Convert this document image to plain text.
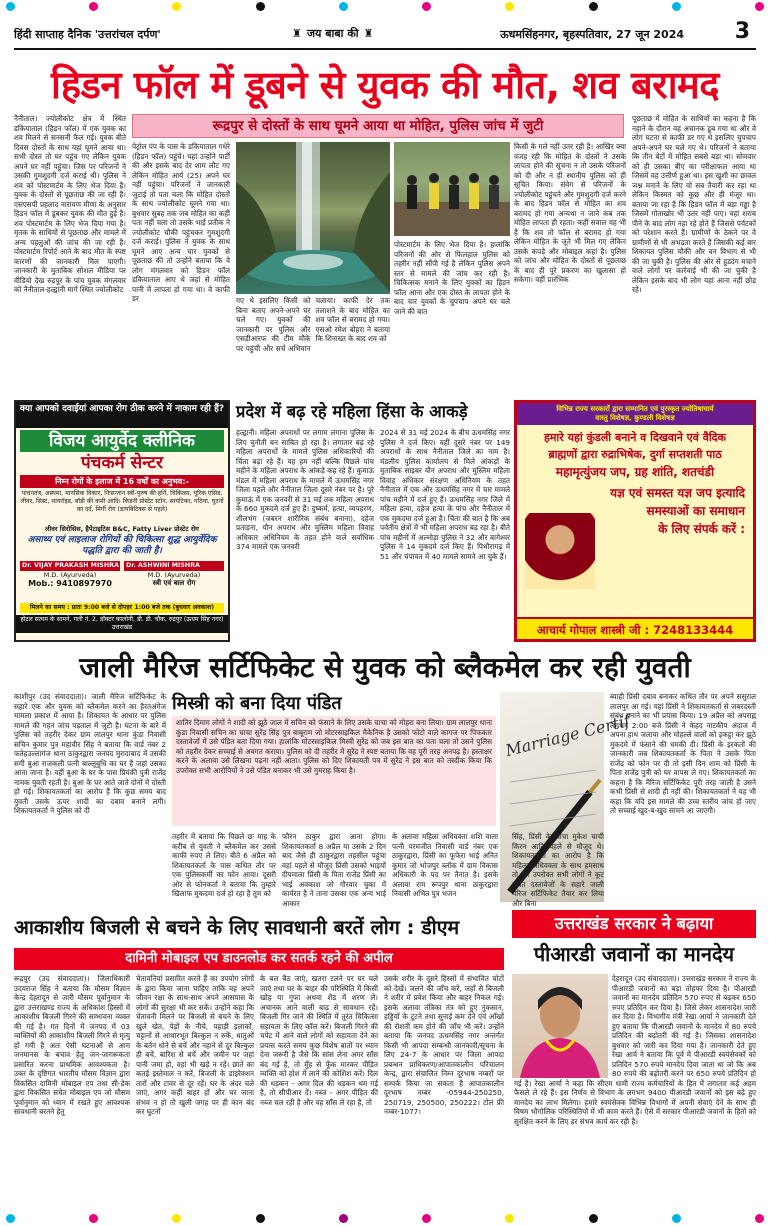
हिंदी साप्ताह दैनिक 'उत्तरांचल दर्पण'	♜ जय बाबा की ♜	ऊधमसिंहनगर, बृहस्पतिवार, 27 जून 2024 3
हिडन फॉल में डूबने से युवक की मौत, शव बरामद
नैनीताल। ज्योलीकोट क्षेत्र में स्थित डकियाताल (हिडन फॉल) में एक युवक का शव मिलने से सनसनी फैल गई। युवक बीते दिवस दोस्तों के साथ यहां घूमने आया था। सभी दोस्त तो घर पहुंच गए लेकिन युवक अपने घर नहीं पहुंचा। जिस पर परिजनों ने उसकी गुमशुदगी दर्ज कराई थी। पुलिस ने शव को पोस्टमार्टम के लिए भेज दिया है। युवक के दोस्तों से पूछताछ की जा रही है। एसएसपी प्रहलाद नारायण मीणा के अनुसार हिडन फॉल में डूबकर युवक की मौत हुई है। शव पोस्टमार्टम के लिए भेज दिया गया है। मृतक के साथियों से पूछताछ और मामले में अन्य पहलुओं की जांच की जा रही है। पोस्टमार्टम रिपोर्ट आने के बाद मौत के स्पष्ट कारणों की जानकारी मिल पाएगी। जानकारी के मुताबिक सोशल मीडिया पर वीडियो देख रुद्रपुर के पांच युवक मंगलवार को नैनीताल-हल्द्वानी मार्ग स्थित ज्योलीकोट
रूद्रपुर से दोस्तों के साथ घूमने आया था मोहित, पुलिस जांच में जुटी
पेट्रोल पंप के पास के डकियाताल गधेरे (हिडन फॉल) पहुंचे। यहां उन्होंने पार्टी की और इसके बाद देर शाम लौट गए लेकिन मोहित आर्य (25) अपने घर नहीं पहुंचा। परिजनों ने जानकारी जुटाई तो पता चला कि मोहित दोस्तों के साथ ज्योलीकोट घूमने गया था। बुधवार सुबह तक जब मोहित का कहीं पता नहीं चला तो उसके भाई प्रतीक ने ज्योलीकोट चौकी पहुंचकर गुमशुदगी दर्ज कराई। पुलिस ने युवक के साथ घूमने आए अन्य चार युवकों से पूछताछ की तो उन्होंने बताया कि वे लोग मंगलवार को हिडन फॉल डकियाताल आए थे जहां से मोहित पानी में लापता हो गया था। वे काफी डर	गए थे इसलिए किसी को बिना बताए अपने-अपने घर चले गए। युवकों की जानकारी पर पुलिस और एसडीआरफ की टीम मौके पर पहुंची और सर्च अभियान चलाया। काफी देर तक तलाशने के बाद मोहित का शव फॉल से बरामद हो गया। एसओ रमेश बोहरा ने बताया कि शिनाख्त के बाद शव को
पोस्टमार्टम के लिए भेज दिया है। हालांकि परिजनों की ओर से फिलहाल पुलिस को तहरीर नहीं सौंपी गई है लेकिन पुलिस अपने स्तर से मामले की जांच कर रही है। चिकित्सक मनाने के लिए युवकों का हिडन फॉल आना और एक दोस्त के लापता होने के बाद चार युवकों के चुपचाप अपने घर चले जाने की बात
किसी के गले नहीं उतर रही है। आखिर क्या वजह रही कि मोहित के दोस्तों ने उसके लापता होने की सूचना न तो उसके परिजनों को दी और न ही स्थानीय पुलिस को ही सूचित किया। संवेग से परिजनों के ज्योलीकोट पहुंचने और गुमशुदगी दर्ज करने के बाद हिडन फॉल से मोहित का शव बरामद हो गया अन्यथा न जाने कब तक मोहित लापता ही रहता। कहीं सवाल यह भी है कि शव तो फॉल से बरामद हो गया लेकिन मोहित के जूते भी मिल गए लेकिन उसके कपड़े और मोबाइल कहां है। पुलिस को जांच और मोहित के दोस्तों से पूछताछ के बाद ही पूरे प्रकरण का खुलासा हो सकेगा। वहीं प्रारंभिक
पूछताछ में मोहित के साथियों का कहना है कि नहाने के दौरान वह अचानक डूब गया था और वे लोग घटना से काफी डर गए थे इसलिए चुपचाप अपने-अपने घर चले गए थे। परिजनों ने बताया कि तीन बेटों में मोहित सबसे बड़ा था। सोमवार को ही उसका बीए का परीक्षाफल आया था जिसमें वह उत्तीर्ण हुआ था। इस खुशी का छावल जश्न मनाने के लिए वो सब तैयारी कर रहा था लेकिन किस्मत को कुछ और ही मंजूर था। बताया जा रहा है कि हिडन फॉल में बड़ा गड्ढा है जिसमें गोताखोर भी उतर नहीं पाए। वहां शराब पीने के बाद लोग नहा रहे होते हैं जिससे पर्यटकों को परेशान करते हैं। ग्रामीणों के ठेकने पर वे ग्रामीणों से भी अभद्रता करते हैं जिसकी कई बार शिकायत पुलिस चौकी और वन विभाग से भी की जा चुकी है। पुलिस की ओर से हुडदंग मचाने वाले लोगों पर कार्रवाई भी की जा चुकी है लेकिन इसके बाद भी लोग यहां आना नहीं छोड़ रहे।
क्या आपको दवाईयां आपका रोग ठीक करने में नाकाम रही हैं?
विजय आयुर्वेद क्लीनिक
पंचकर्म सेन्टर
निम्न रोगों के इलाज में 16 वर्षों का अनुभव:-
पाचनतंत्र, अस्थमा, मानसिक विकार, निःसन्तान स्त्री-पुरुष की हर्नि, चिकित्सा, यूरिक एसिड, लीवर, सिस्ट, थायरॉइड, बॉडी की कमी आदि। किडनी प्रोस्टेट स्टोन, सायटिका, गठिया, घुटनों का दर्द, मिर्गी रोग (डायबिटिक्स से पहले)
लीवर सिरोसिस, हैपेटाइटिस B&C, Fatty Liver प्रोस्टेट रोग
असाध्य एवं लाइलाज रोगियों की चिकित्सा शुद्ध आयुर्वेदिक पद्धति द्वारा की जाती है।
Dr. VIJAY PRAKASH MISHRA
M.D. (Ayurveda)
Mob.: 9410897970
Dr. ASHWINI MISHRA
M.D. (Ayurveda)
स्त्री एवं बाल रोग
मिलने का समय : प्रातः 9:00 बजे से दोपहर 1:00 बजे तक (बुधवार अवकाश)
होटल सत्यम के सामने, गली नं. 2, डॉक्टर कालोनी, डी. डी. चौक, रुद्रपुर (ऊधम सिंह नगर) उत्तराखंड
प्रदेश में बढ़ रहे महिला हिंसा के आकड़े
हल्द्वानी। महिला अपराधों पर लगाम लगाना पुलिस के लिए चुनौती बन साबित हो रहा है। लगातार बढ़ रहे महिला अपराधों के मामले पुलिस अधिकारियों की चिंता बढ़ा रहे हैं। यह हम नहीं बल्कि पिछले पांच महीने के महिला अपराध के आंकड़े कह रहे हैं। कुमाऊं मंडल में महिला अपराध के मामले में ऊधमसिंह नगर जिला पहले और नैनीताल जिला दूसरे नंबर पर है। पूरे कुमाऊं में एक जनवरी से 31 मई तक महिला अपराध के 660 मुकदमे दर्ज हुए हैं। दुष्कर्म, हत्या, व्यपहरण, शीलभंग (जबरन शारीरिक संबंध बनाना), दहेज प्रताड़ना, यौन अपराध और मुस्लिम महिला विवाह अधिकार अधिनियम के तहत होने वाले सर्वाधिक 374 मामले एक जनवरी
2024 से 31 मई 2024 के बीच ऊधमसिंह नगर पुलिस ने दर्ज किए। वहीं दूसरे नंबर पर 149 अपराधों के साथ नैनीताल जिले का नाम है। मंडलीय पुलिस कार्यालय से मिले आंकड़ों के मुताबिक साइबर यौन अपराध और मुस्लिम महिला विवाह अधिकार संरक्षण अधिनियम के तहत नैनीताल में एक और ऊधमसिंह नगर में चार मामले पांच महीने में दर्ज हुए हैं। ऊधमसिंह नगर जिले में महिला हत्या, दहेज हत्या के पांच और नैनीताल में एक मुकदमा दर्ज हुआ है। चिंता की बात है कि अब पर्वतीय क्षेत्रों में भी महिला अपराध बढ़ रहा है। बीते पांच महीनों में अल्मोड़ा पुलिस ने 32 और बागेश्वर पुलिस ने 14 मुकदमे दर्ज किए हैं। पिथौरागढ़ में 51 और चंपावत में 40 मामले सामने आ चुके हैं।
विभिन्न राज्य सरकारों द्वारा सम्मानित एवं पुरस्कृत ज्योतिषाचार्य
वास्तु विशेषज्ञ, कुण्डली विशेषज्ञ
हमारे यहां कुंडली बनाने व दिखवाने एवं वैदिक
ब्राह्मणों द्वारा रुद्राभिषेक, दुर्गा सप्तशती पाठ
महामृत्युंजय जप, ग्रह शांति, शतचंडी
यज्ञ एवं समस्त यज्ञ जप इत्यादि
समस्याओं का समाधान
के लिए संपर्क करें :
आचार्य गोपाल शास्त्री जी : 7248133444
जाली मैरिज सर्टिफिकेट से युवक को ब्लैकमेल कर रही युवती
काशीपुर (उद संवाददाता)। जाली मैरिज सर्टिफिकेट के सहारे एक और युवक को ब्लैकमेल करने का हैरतअंगेज मामला प्रकाश में आया है। शिकायत के आधार पर पुलिस मामले की गहन जांच पड़ताल में जुटी है। घटना के बारे में पुलिस को तहरीर देकर ग्राम लालपुर थाना कुंडा निवासी सचिन कुमार पुत्र महावीर सिंह ने बताया कि वार्ड नंबर 2 फतेहउल्लागंज थाना ठाकुरद्वारा जनपद मुरादाबाद में उसकी सगी बुआ राजकली पत्नी बाल्लूबुधि का घर है जहां उसका आना जाना है। वहीं बुआ के घर के पास प्रियंकी पुत्री राजेंद्र नामक युवती रहती है। बुआ के घर आते जाते दोनों में दोस्ती हो गई। शिकायतकर्ता का आरोप है कि कुछ समय बाद युवती उसके ऊपर शादी का दबाव बनाने लगी। शिकायतकर्ता ने पुलिस को दी
मिस्त्री को बना दिया पंडित
शातिर दिमाग लोगों ने शादी को झूठे जाल में सचिन को फंसाने के लिए उसके चाचा को मोहरा बना लिया। ग्राम लालपुर थाना कुंडा निवासी सचिन का चाचा सुरेंद्र सिंह पुत्र बाबूराम जो मोटरसाइकिल मैकेनिक है उसको फोटो वाले कागज पर पिफकार दस्तावेजों में उसे पंडित बता दिया गया। हालांकि मोटरसाइकिल मिस्त्री सुरेंद्र को जब इस बात का पता चला तो उसने पुलिस को तहरीर देकर सच्चाई से अवगत कराया। पुलिस को दी तहरीर में सुरेंद्र ने स्पष्ट बताया कि वह पूरी तरह अनपढ़ है। हस्ताक्षर करने के अलावा उसे लिखना पढ़ना नहीं आता। पुलिस को दिए शिकायती पत्र में सुरेंद्र ने इस बात को तस्दीक किया कि उपरोक्त सभी आरोपियों ने उसे पंडित बनाकर भी उसे गुमराह किया है।
Marriage Certif
तहरीर में बताया कि पिछले छः माह के करीब से युवती ने ब्लैकमेल कर उससे काफी रुपए ले लिए। बीते 6 अप्रैल को शिकायतकर्ता के पास कथित तौर पर एक पुलिसकर्मी का फोन आया। दूसरी ओर से फोनकर्ता ने बताया कि तुम्हारे खिलाफ मुकदमा दर्ज हो रहा है तुम को
फौरन ठाकुर द्वारा आना होगा। शिकायतकर्ता 8 अप्रैल या उसके 2 दिन बाद जैसे ही ठाकुरद्वारा तहसील पहुंचा वहां पहले से मौजूद प्रिंसी उसको भाइयों दीपमाला प्रिंसी के पिता राजेंद्र प्रिंसी का भाई अवकाश जो गौरवार चुका में कार्यरत है ने ताना उसका एक अन्य भाई आकार
के अलावा महिला अधिवक्ता शशि वाला पत्नी परमजीत निवासी वार्ड नंबर एक ठाकुरद्वारा, प्रिंसी का फूफेरा भाई अनित कुमार जो भोजपुर ब्लॉक में ग्राम विकास अधिकारी के पद पर तैनात है। इसके अलावा राम रूपपुर थाना ठाकुरद्वारा निवासी अभित पुत्र भजन
सिंह, प्रिंसी के चाचा मुकेश चाची किरन आदि पहले से मौजूद थे। शिकायतकर्ता का आरोप है कि महिला अधिवक्ता के साथ हमसाथ तो कर उपरोक्त सभी लोगों ने कूट रचित दस्तावेजों के सहारे जाली मैरिज सर्टिफिकेट तैयार कर लिया और बिना
ब्याही प्रिंसी दबाव बनाकर कथित तौर पर अपने ससुराल लालपुर आ गई। यहां प्रिंसी ने शिकायतकर्ता से जबरदस्ती संबंध बनाने का भी प्रयास किया। 19 अप्रैल को अपराह्न लगभग 2:00 बजे प्रिंसी ने केहद नाटकीय अंदाज में अपना हाथ जलाया और मोहल्ले वालों को इकट्ठा कर झूठे मुकदमे में फंसाने की धमकी दी। प्रिंसी के इरकतों की जानकारी जब शिकायतकर्ता के पिता ने उसके पिता राजेंद्र को फोन पर दी तो इसी दिन शाम को प्रिंसी के पिता राजेंद्र पुत्री को घर वापस ले गए। शिकायतकर्ता का कहना है कि मैरिज सर्टिफिकेट पूरी तरह जाली है उसने कभी प्रिंसी से शादी ही नहीं की। शिकायतकर्ता ने यह भी कहा कि यदि इस मामले की उच्च स्तरीय जांच हो जाए तो सच्चाई खुद-ब-खुद सामने आ जाएगी।
आकाशीय बिजली से बचने के लिए सावधानी बरतें लोग : डीएम
दामिनी मोबाइल एप डाउनलोड कर सतर्क रहने की अपील
रूद्रपुर (उद संवाददाता)। जिलाधिकारी उदयराज सिंह ने बताया कि मौसम विज्ञान केन्द्र देहरादून से जारी मौसम पूर्वानुमान के द्वारा उत्तराखण्ड राज्य के अधिकांश हिस्सों में आकाशीय बिजली गिरने की सम्भावना व्यक्त की गई है। गत दिनों में जनपद में 03 व्यक्तियों की आकाशीय बिजली गिरने से मृत्यु हो गयी है अतः ऐसी घटनाओं से आम जनमानस के बचाव हेतु जन-जागरूकता प्रसारित करना प्राथमिक आवश्यकता है। उक्त के दृष्टिगत भारतीय मौसम विज्ञान द्वारा विकसित दामिनी मोबाइल एप तथा सी-डेक द्वारा विकसित सचेत मोबाइल एप जो मौसम पूर्वानुमान को ध्यान में रखते हुए आवश्यक सावधानी बरतने हेतु
चेतावनियां प्रसारित करते हैं का उपयोग लोगों के द्वारा किया जाना चाहिए ताकि वह अपने जीवन रक्षा के साथ-साथ अपने आसपास के लोगों की सुरक्षा भी कर सकें। उन्होंने कहा कि चेतावनी मिलने पर बिजली से बचने के लिए खुले खेत, पेड़ों के नीचे, पहाड़ी इलाकों, चट्टानों से आधारभूत बिल्कुल न रुकें, धातुओं के बर्तन धोने से बचें और नहाने से दूर बिल्कुल ही बचें, बारिश से बचें और जमीन पर जहां पानी जमा हो, वहां भी खड़े न रहें। छाते का कतई इस्तेमाल न करें, बिजली के डाइरेक्शन तारों और टावर से दूर रहें। घर के अंदर चले जाएं, अगर कहीं बाहर हों और घर जाना संभव न हो तो खुली जगह पर ही कान बंद कर घुटनों
के बल बैठ जाएं, खतरा टलने पर घर चले जाएं तथा घर के बाहर की परिस्थिति में किसी खोह या गुफा अथवा शैड में शरण लें। अचानक आने वाली बाढ़ से सावधान रहें। बिजली गिर जाने की स्थिति में तुरंत चिकित्सा सहायता के लिए कॉल करें। बिजली गिरने की चपेट में आने वाले लोगों को सहायता देने का प्रयास करते समय कुछ विशेष बातों पर ध्यान देना जरूरी है जैसे कि सांस लेना अगर साँस बंद गई है, तो मुँह से फूँक मारकर पीड़ित व्यक्ति को होश में लाने की कोशिश करें। दिल की धड़कन - अगर दिल की धड़कन थम गई है, तो सीपीआर दें। नब्ज - अगर पीड़ित की नब्ज चल रही है और वह साँस ले रहा है, तो
उसके शरीर के दूसरे हिस्सों में संभावित चोटों को देखें। जलने की जाँच करें, जहाँ से बिजली ने शरीर में प्रवेश किया और बाहर निकल गई। इसके अलावा तंत्रिका तंत्र को हुए नुकसान, हड्डियों के टूटने तथा सुनाई कम देने एवं आँखों की रोशनी कम होने की जाँच भी करें। उन्होंने बताया कि जनपद ऊधमसिंह नगर अन्तर्गत किसी भी आपदा सम्बन्धी जानकारी/सूचना के लिए 24-7 के आधार पर जिला आपदा प्रबन्धन प्राधिकरण/आपातकालीन परिचालन केन्द्र, द्वारा संचालित निम्न दूरभाष नम्बरों पर सम्पर्क किया जा सकता है आपातकालीन दूरभाष नम्बर -05944-250250, 250719, 250500, 250222। टोल फ्री नम्बर-1077।
उत्तराखंड सरकार ने बढ़ाया
पीआरडी जवानों का मानदेय
देहरादून (उद संवाददाता)। उत्तराखंड सरकार ने राज्य के पीआरडी जवानों का बड़ा तोहफा दिया है। पीआरडी जवानों का मानदेय प्रतिदिन 570 रुपए से बढ़कर 650 रुपए प्रतिदिन कर दिया है। जिसे लेकर शासनादेश जारी कर दिया है। विभागीय मंत्री रेखा आर्या ने जानकारी देते हुए बताया कि पीआरडी जवानों के मानदेय में 80 रुपये प्रतिदिन की बढ़ोतरी की गई है। जिसका शासनादेश बुधवार को जारी कर दिया गया है। जानकारी देते हुए रेखा आर्य ने बताया कि पूर्व में पीआरडी स्वयंसेवकों को प्रतिदिन 570 रुपये मानदेय दिया जाता था जो कि अब 80 रुपये की बढ़ोतरी करने पर 650 रुपये प्रतिदिन हो गई है। रेखा आर्या ने कहा कि सीएम धामी राज्य कर्मचारियों के हित में लगातार कई अहम फैसले ले रहे हैं। इस निर्णय से विभाग के लगभग 9400 पीआरडी जवानों को इस बढ़े हुए मानदेय का लाभ मिलेगा। हमारे स्वयंसेवक विभिन्न विभागों में अपनी सेवाएं देने के साथ ही विषम भौगोलिक परिस्थितियों में भी काम करते हैं। ऐसे में सरकार पीआरडी जवानों के हितों को सुरक्षित करने के लिए हर संभव कार्य कर रही है।
